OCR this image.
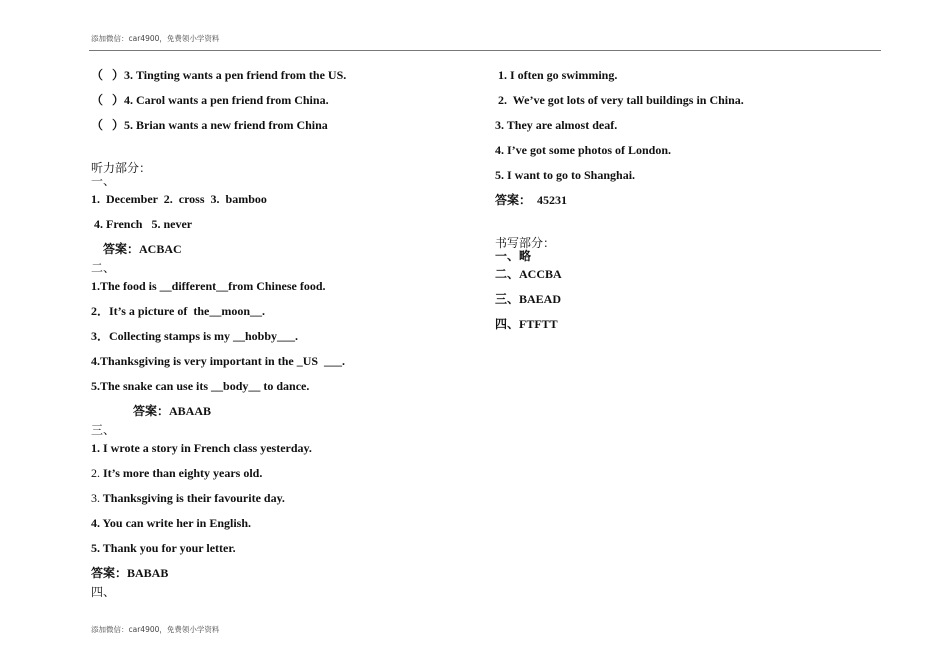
添加微信：car4900，免费领小学资料
（   ）3. Tingting wants a pen friend from the US.
（   ）4. Carol wants a pen friend from China.
（   ）5. Brian wants a new friend from China
听力部分：
一、
1.  December  2.  cross  3.  bamboo
4. French   5. never
答案：ACBAC
二、
1.The food is __different__from Chinese food.
2．It’s a picture of  the__moon__.
3．Collecting stamps is my __hobby___.
4.Thanksgiving is very important in the _US  ___.
5.The snake can use its __body__ to dance.
答案：ABAAB
三、
1. I wrote a story in French class yesterday.
2. It’s more than eighty years old.
3. Thanksgiving is their favourite day.
4. You can write her in English.
5. Thank you for your letter.
答案：BABAB
四、
1. I often go swimming.
2.  We’ve got lots of very tall buildings in China.
3. They are almost deaf.
4. I’ve got some photos of London.
5. I want to go to Shanghai.
答案：  45231
书写部分：
一、略
二、ACCBA
三、BAEAD
四、FTFTT
添加微信：car4900，免费领小学资料
